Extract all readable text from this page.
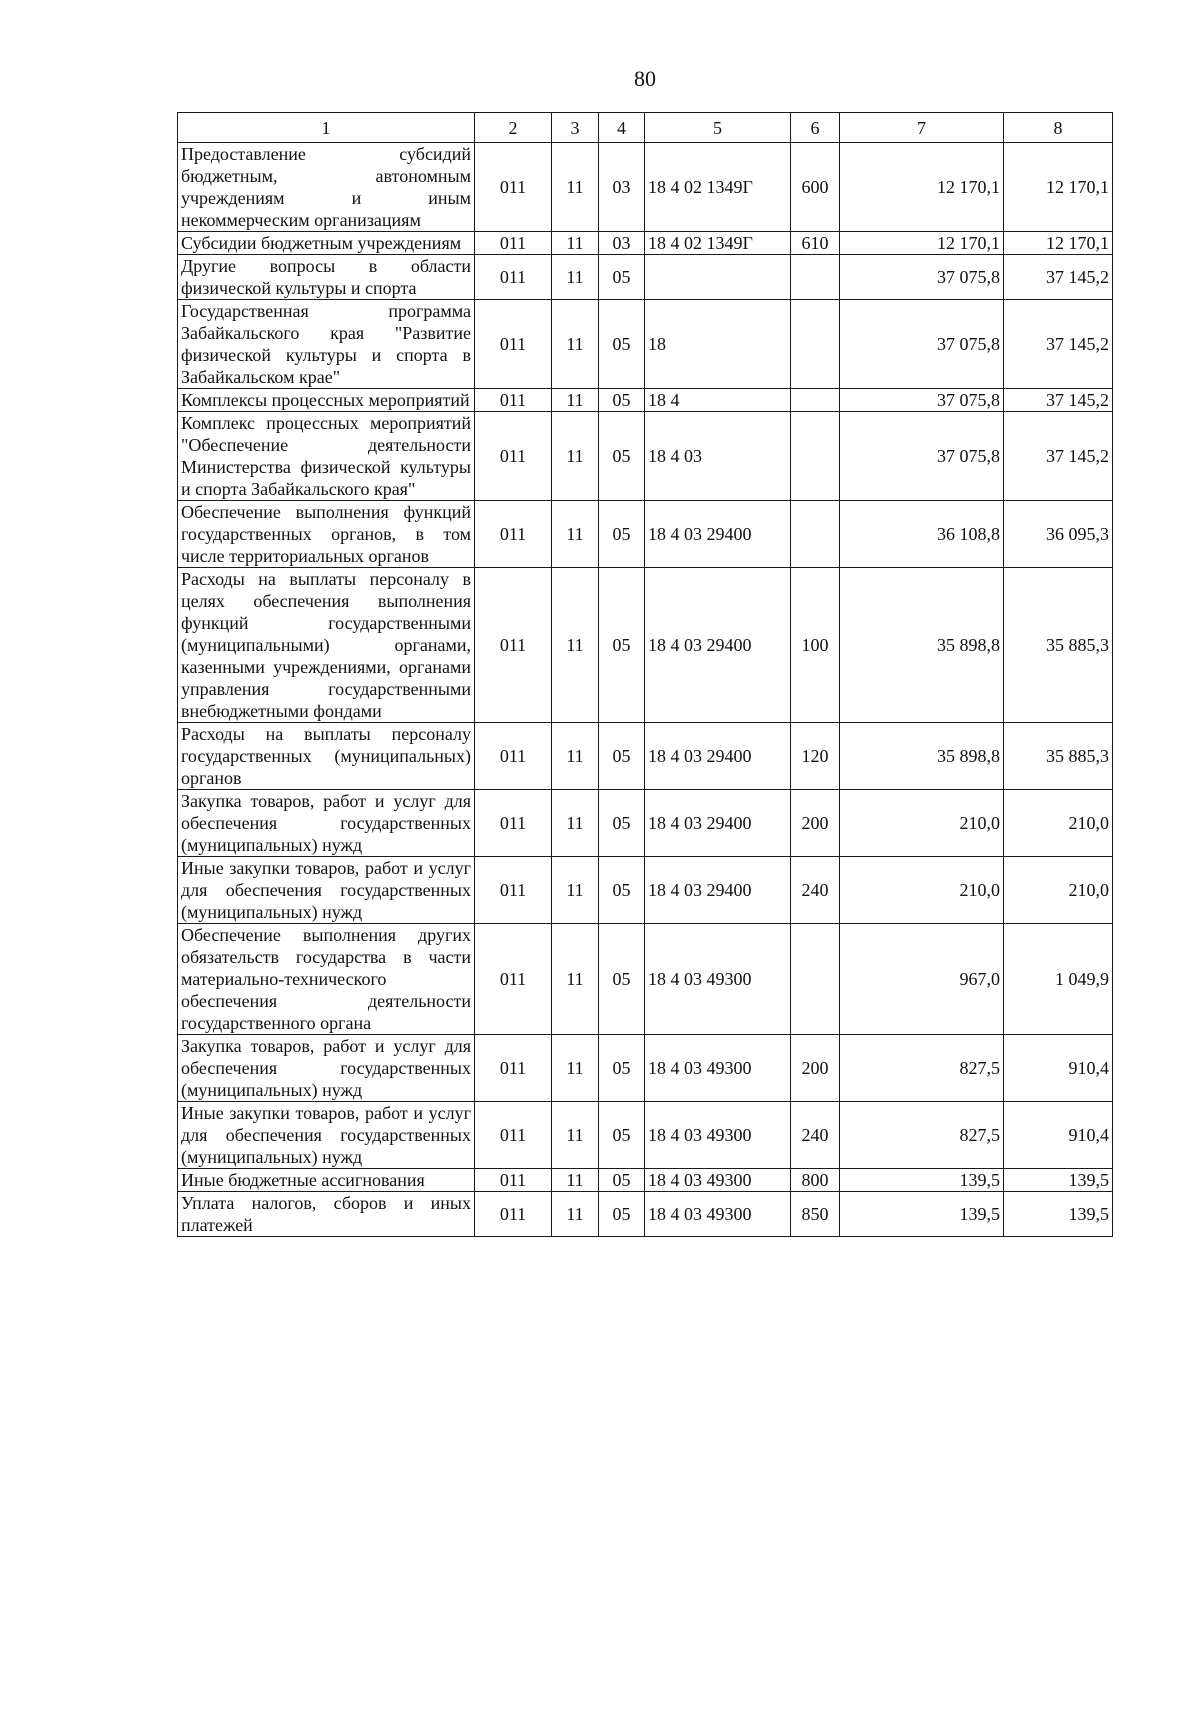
80
1	2	3	4	5	6	7	8
Предоставление субсидий бюджетным, автономным учреждениям и иным некоммерческим организациям	011	11	03	18 4 02 1349Г	600	12 170,1	12 170,1
Субсидии бюджетным учреждениям	011	11	03	18 4 02 1349Г	610	12 170,1	12 170,1
Другие вопросы в области физической культуры и спорта	011	11	05			37 075,8	37 145,2
Государственная программа Забайкальского края "Развитие физической культуры и спорта в Забайкальском крае"	011	11	05	18		37 075,8	37 145,2
Комплексы процессных мероприятий	011	11	05	18 4		37 075,8	37 145,2
Комплекс процессных мероприятий "Обеспечение деятельности Министерства физической культуры и спорта Забайкальского края"	011	11	05	18 4 03		37 075,8	37 145,2
Обеспечение выполнения функций государственных органов, в том числе территориальных органов	011	11	05	18 4 03 29400		36 108,8	36 095,3
Расходы на выплаты персоналу в целях обеспечения выполнения функций государственными (муниципальными) органами, казенными учреждениями, органами управления государственными внебюджетными фондами	011	11	05	18 4 03 29400	100	35 898,8	35 885,3
Расходы на выплаты персоналу государственных (муниципальных) органов	011	11	05	18 4 03 29400	120	35 898,8	35 885,3
Закупка товаров, работ и услуг для обеспечения государственных (муниципальных) нужд	011	11	05	18 4 03 29400	200	210,0	210,0
Иные закупки товаров, работ и услуг для обеспечения государственных (муниципальных) нужд	011	11	05	18 4 03 29400	240	210,0	210,0
Обеспечение выполнения других обязательств государства в части материально-технического обеспечения деятельности государственного органа	011	11	05	18 4 03 49300		967,0	1 049,9
Закупка товаров, работ и услуг для обеспечения государственных (муниципальных) нужд	011	11	05	18 4 03 49300	200	827,5	910,4
Иные закупки товаров, работ и услуг для обеспечения государственных (муниципальных) нужд	011	11	05	18 4 03 49300	240	827,5	910,4
Иные бюджетные ассигнования	011	11	05	18 4 03 49300	800	139,5	139,5
Уплата налогов, сборов и иных платежей	011	11	05	18 4 03 49300	850	139,5	139,5
